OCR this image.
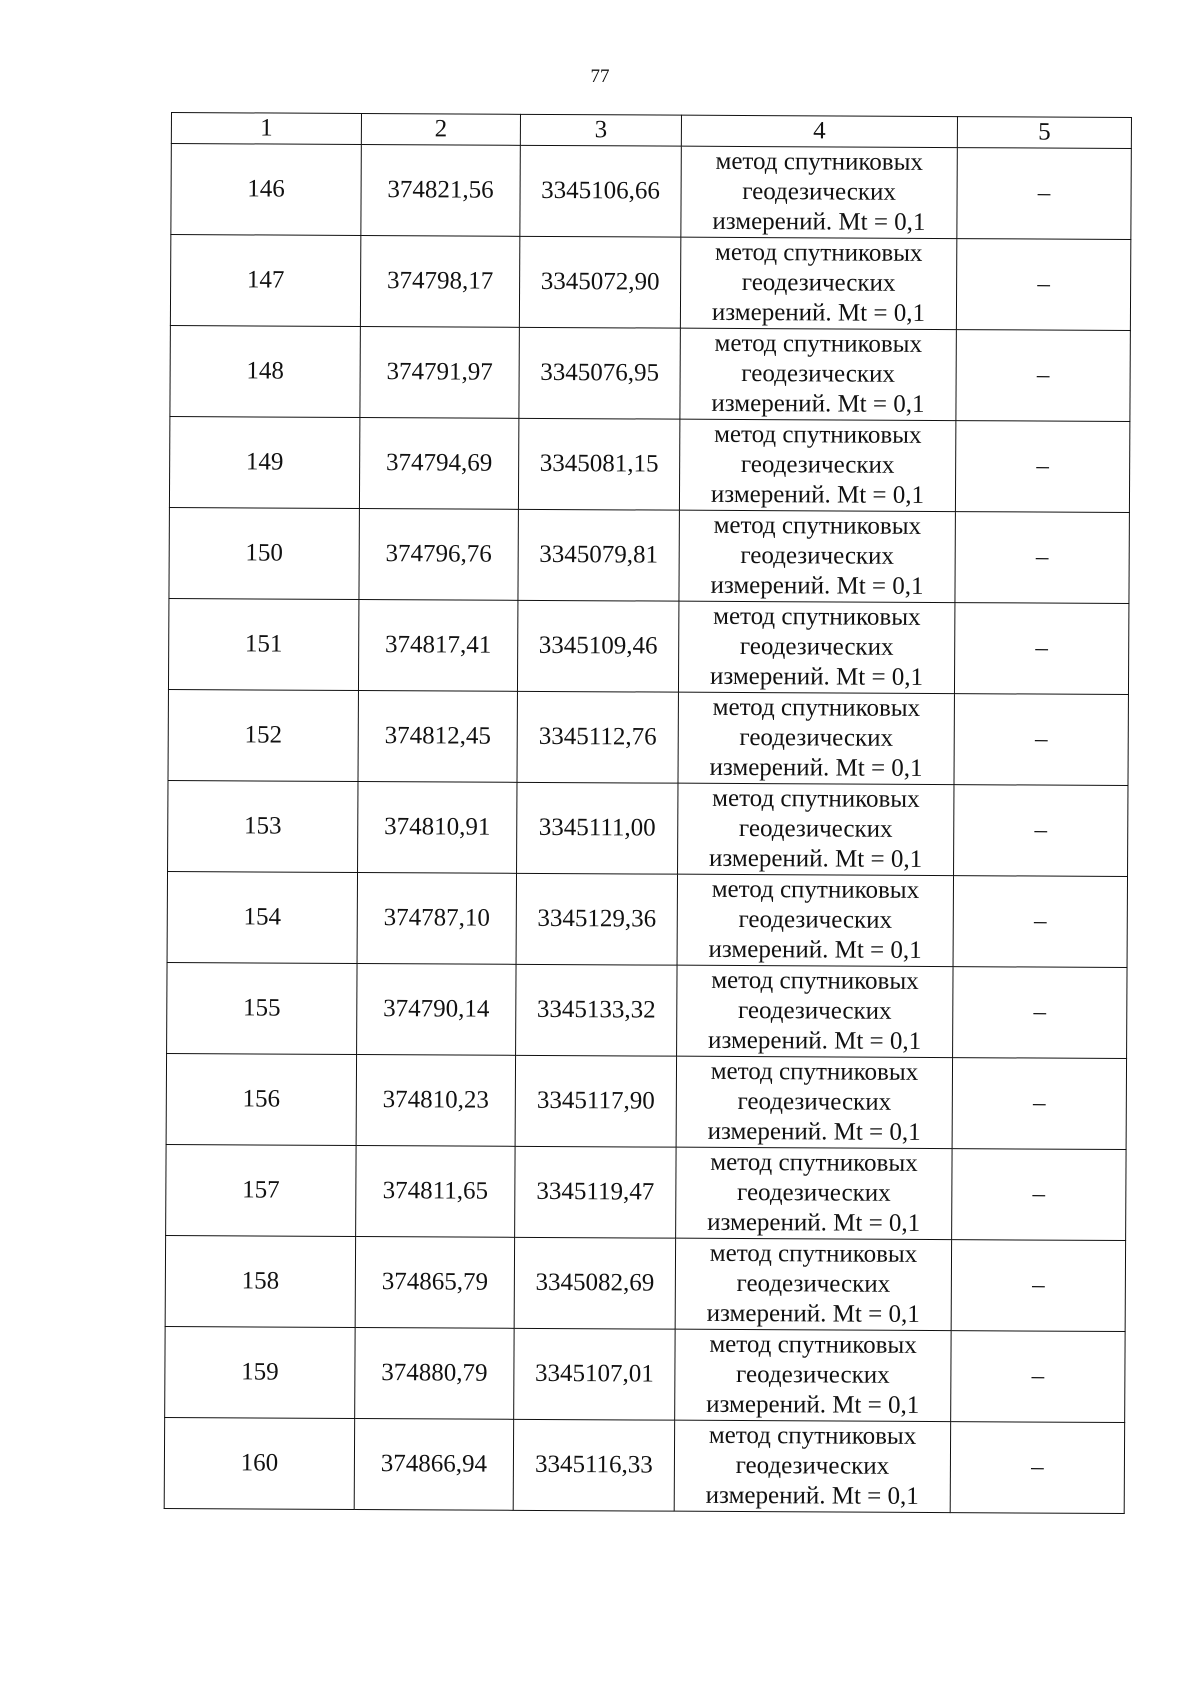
77
1	2	3	4	5
146	374821,56	3345106,66	метод спутниковых
геодезических
измерений. Mt = 0,1	–
147	374798,17	3345072,90	метод спутниковых
геодезических
измерений. Mt = 0,1	–
148	374791,97	3345076,95	метод спутниковых
геодезических
измерений. Mt = 0,1	–
149	374794,69	3345081,15	метод спутниковых
геодезических
измерений. Mt = 0,1	–
150	374796,76	3345079,81	метод спутниковых
геодезических
измерений. Mt = 0,1	–
151	374817,41	3345109,46	метод спутниковых
геодезических
измерений. Mt = 0,1	–
152	374812,45	3345112,76	метод спутниковых
геодезических
измерений. Mt = 0,1	–
153	374810,91	3345111,00	метод спутниковых
геодезических
измерений. Mt = 0,1	–
154	374787,10	3345129,36	метод спутниковых
геодезических
измерений. Mt = 0,1	–
155	374790,14	3345133,32	метод спутниковых
геодезических
измерений. Mt = 0,1	–
156	374810,23	3345117,90	метод спутниковых
геодезических
измерений. Mt = 0,1	–
157	374811,65	3345119,47	метод спутниковых
геодезических
измерений. Mt = 0,1	–
158	374865,79	3345082,69	метод спутниковых
геодезических
измерений. Mt = 0,1	–
159	374880,79	3345107,01	метод спутниковых
геодезических
измерений. Mt = 0,1	–
160	374866,94	3345116,33	метод спутниковых
геодезических
измерений. Mt = 0,1	–
